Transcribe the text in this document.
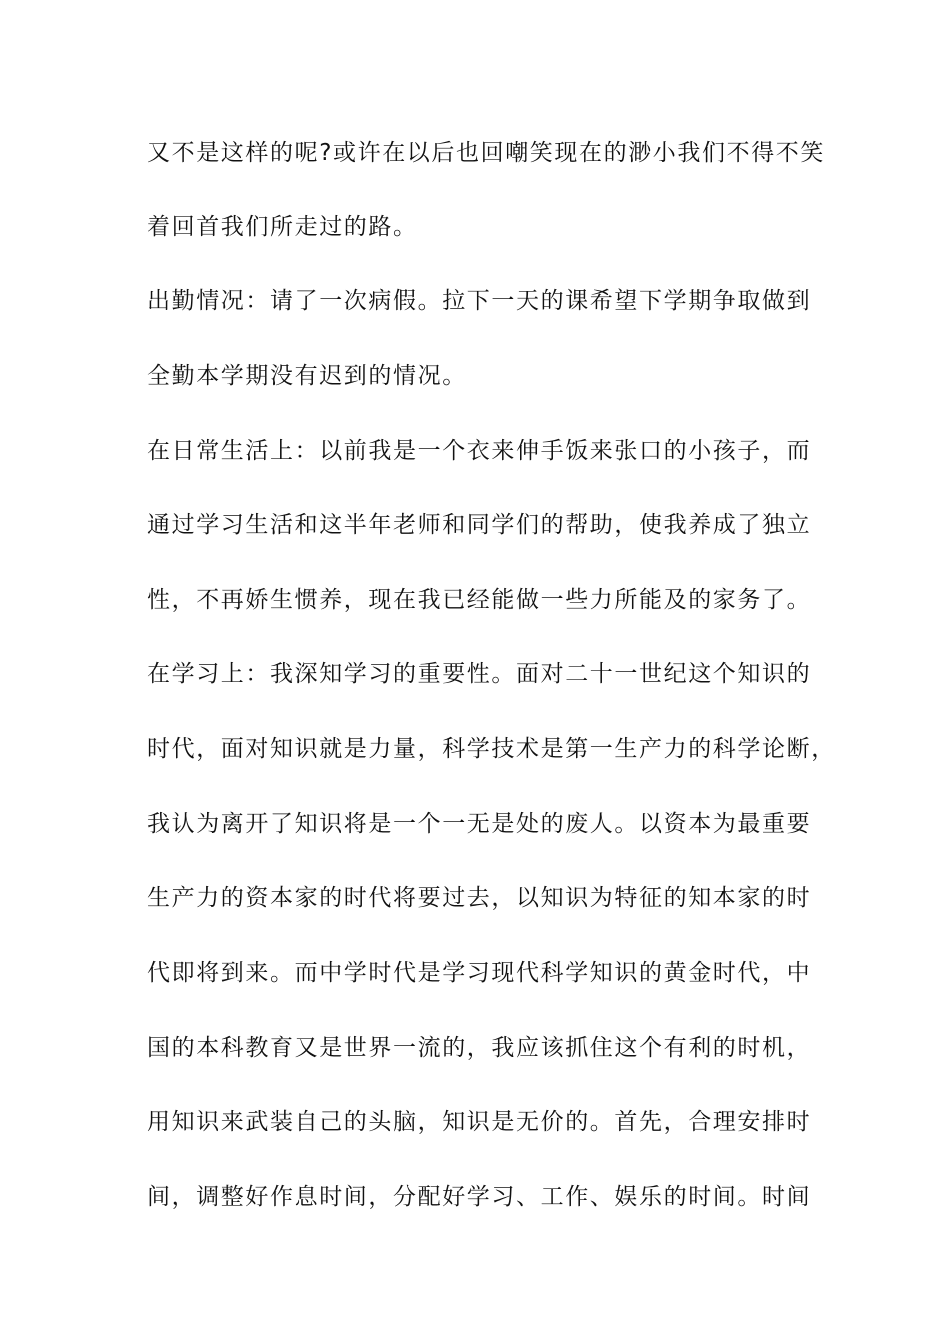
又不是这样的呢?或许在以后也回嘲笑现在的渺小我们不得不笑
着回首我们所走过的路。
出勤情况：请了一次病假。拉下一天的课希望下学期争取做到
全勤本学期没有迟到的情况。
在日常生活上：以前我是一个衣来伸手饭来张口的小孩子，而
通过学习生活和这半年老师和同学们的帮助，使我养成了独立
性，不再娇生惯养，现在我已经能做一些力所能及的家务了。
在学习上：我深知学习的重要性。面对二十一世纪这个知识的
时代，面对知识就是力量，科学技术是第一生产力的科学论断，
我认为离开了知识将是一个一无是处的废人。以资本为最重要
生产力的资本家的时代将要过去，以知识为特征的知本家的时
代即将到来。而中学时代是学习现代科学知识的黄金时代，中
国的本科教育又是世界一流的，我应该抓住这个有利的时机，
用知识来武装自己的头脑，知识是无价的。首先，合理安排时
间，调整好作息时间，分配好学习、工作、娱乐的时间。时间
